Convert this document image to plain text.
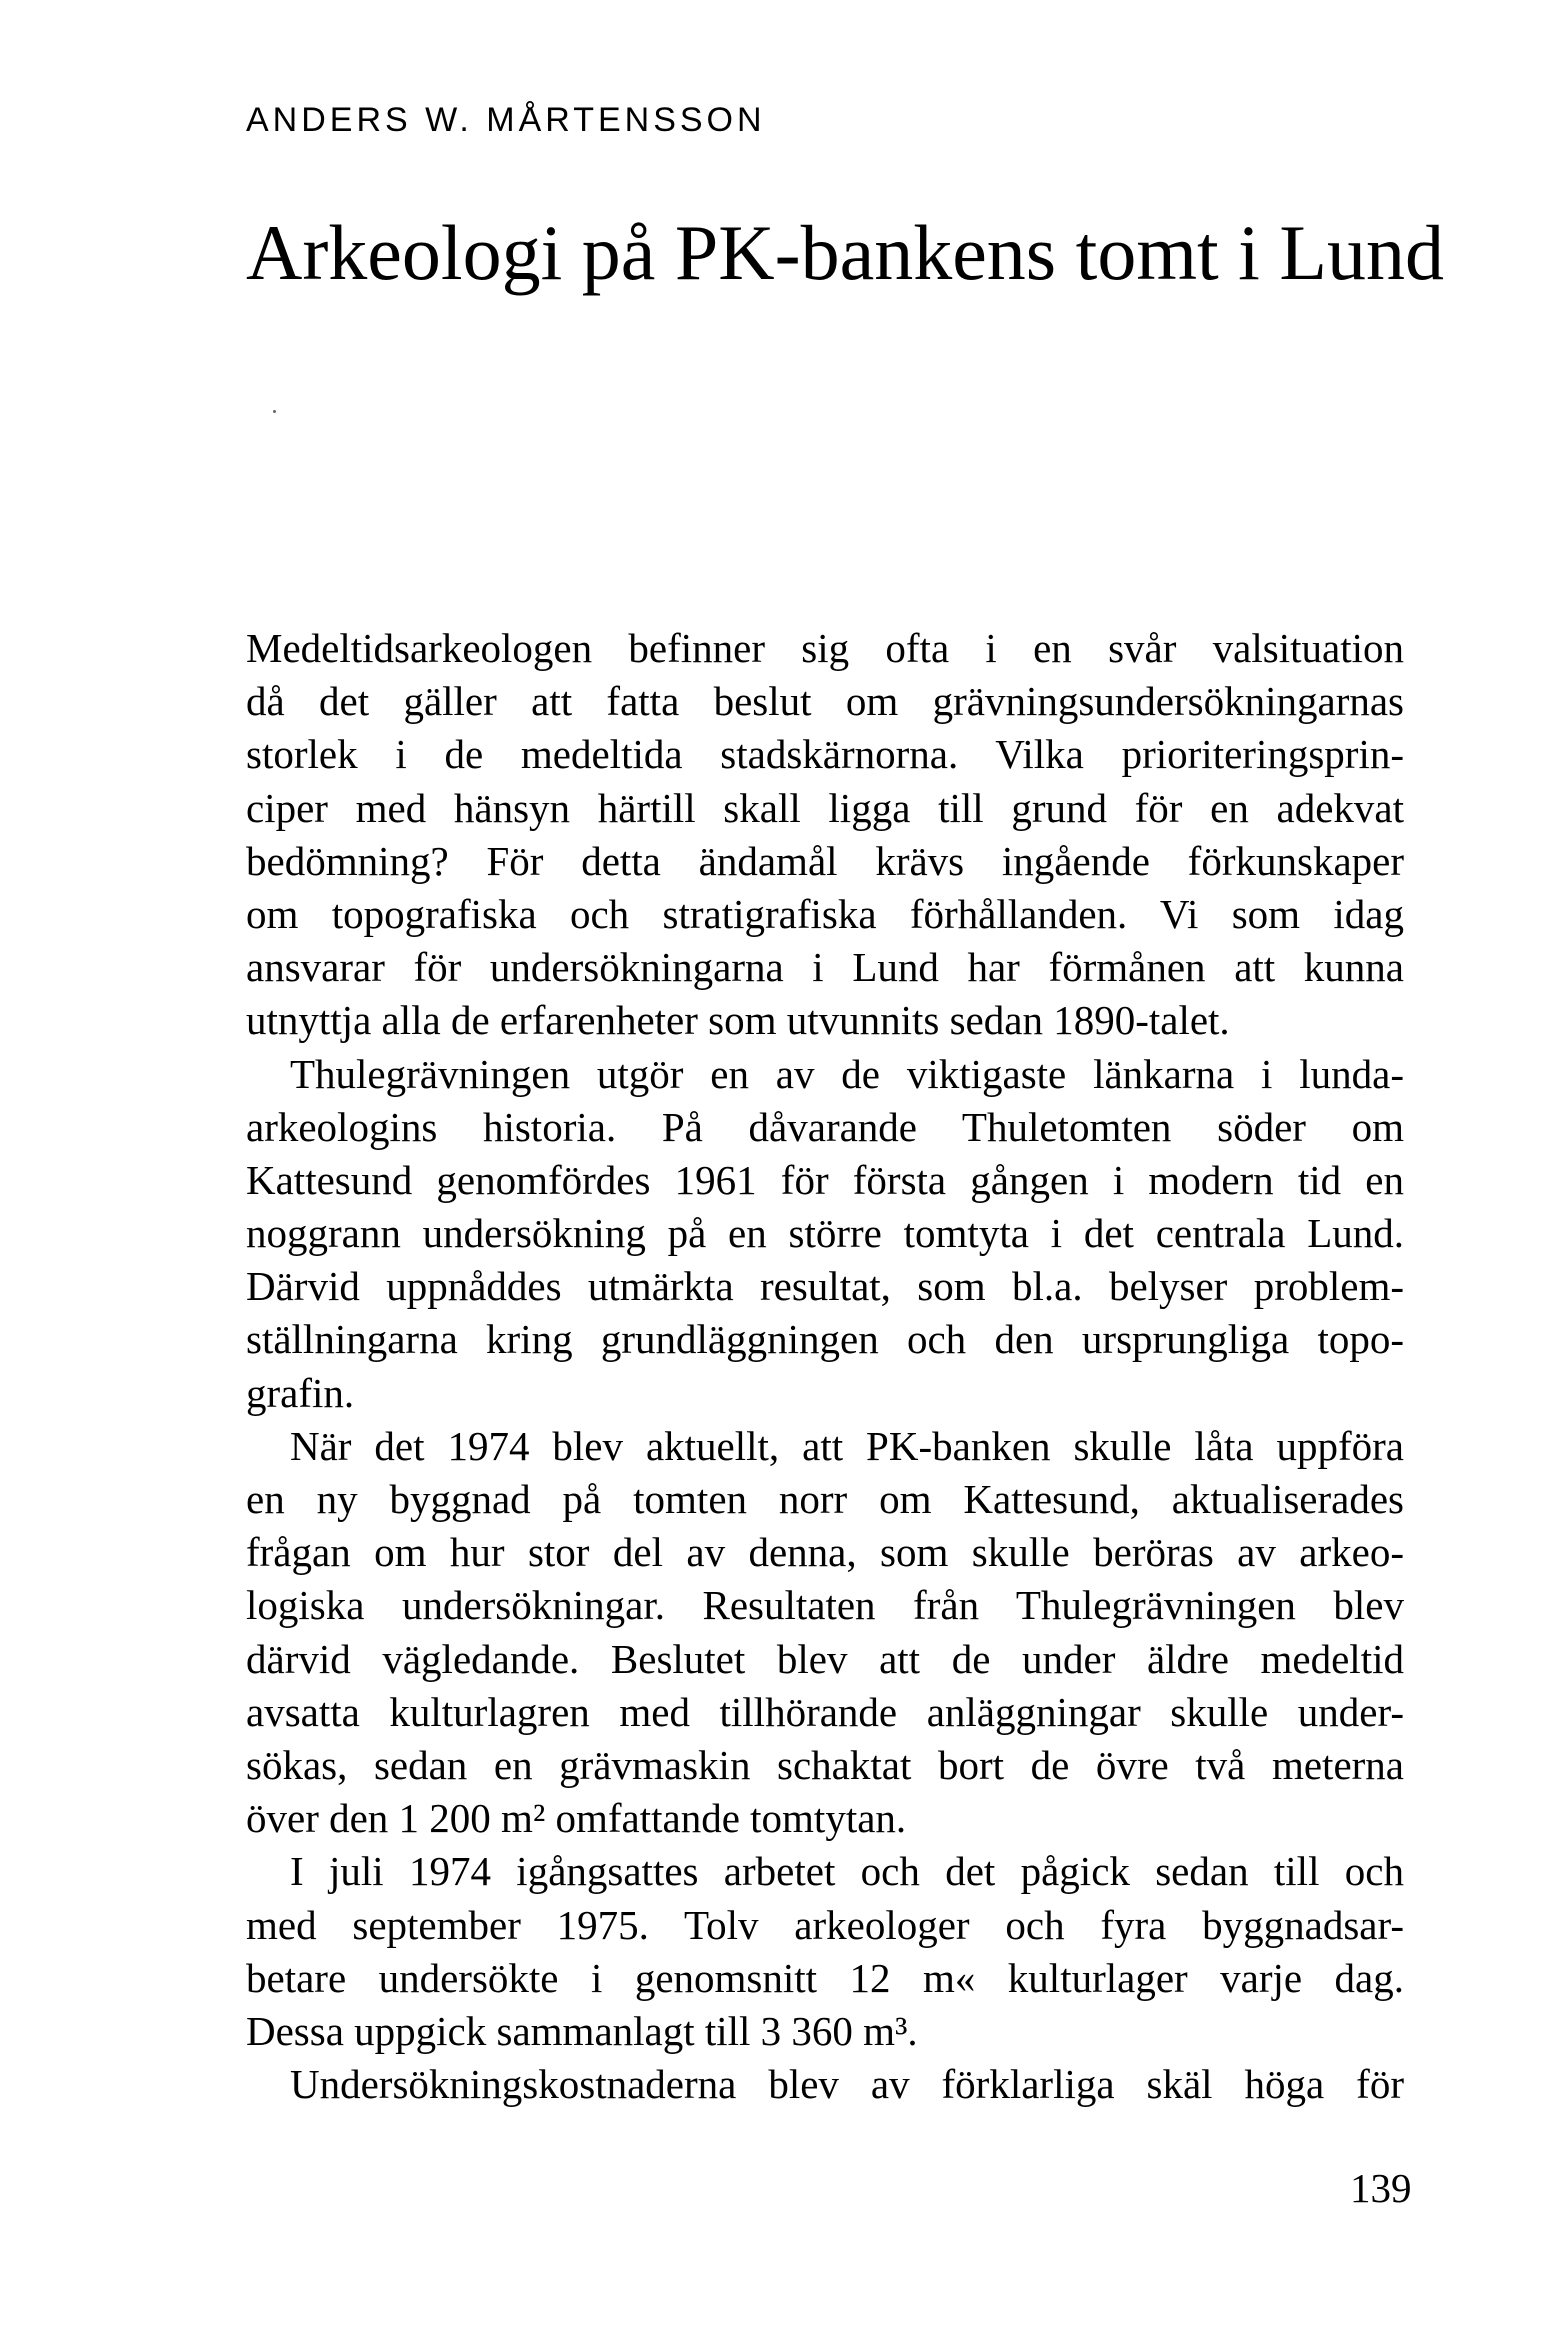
ANDERS W. MÅRTENSSON
Arkeologi på PK-bankens tomt i Lund
Medeltidsarkeologen befinner sig ofta i en svår valsituation
då det gäller att fatta beslut om grävningsundersökningarnas
storlek i de medeltida stadskärnorna. Vilka prioriteringsprin-
ciper med hänsyn härtill skall ligga till grund för en adekvat
bedömning? För detta ändamål krävs ingående förkunskaper
om topografiska och stratigrafiska förhållanden. Vi som idag
ansvarar för undersökningarna i Lund har förmånen att kunna
utnyttja alla de erfarenheter som utvunnits sedan 1890-talet.
Thulegrävningen utgör en av de viktigaste länkarna i lunda-
arkeologins historia. På dåvarande Thuletomten söder om
Kattesund genomfördes 1961 för första gången i modern tid en
noggrann undersökning på en större tomtyta i det centrala Lund.
Därvid uppnåddes utmärkta resultat, som bl.a. belyser problem-
ställningarna kring grundläggningen och den ursprungliga topo-
grafin.
När det 1974 blev aktuellt, att PK-banken skulle låta uppföra
en ny byggnad på tomten norr om Kattesund, aktualiserades
frågan om hur stor del av denna, som skulle beröras av arkeo-
logiska undersökningar. Resultaten från Thulegrävningen blev
därvid vägledande. Beslutet blev att de under äldre medeltid
avsatta kulturlagren med tillhörande anläggningar skulle under-
sökas, sedan en grävmaskin schaktat bort de övre två meterna
över den 1 200 m² omfattande tomtytan.
I juli 1974 igångsattes arbetet och det pågick sedan till och
med september 1975. Tolv arkeologer och fyra byggnadsar-
betare undersökte i genomsnitt 12 m« kulturlager varje dag.
Dessa uppgick sammanlagt till 3 360 m³.
Undersökningskostnaderna blev av förklarliga skäl höga för
139
